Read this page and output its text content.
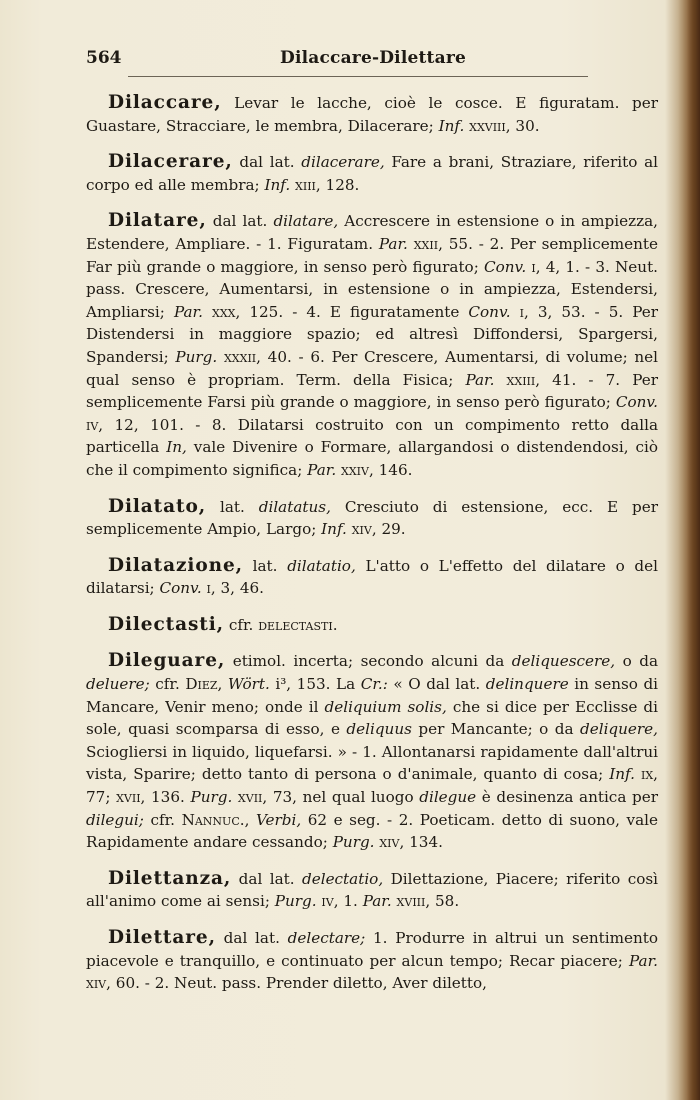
Dilaccare-Dilettare
564

Dilaccare, Levar le lacche, cioè le cosce. E figuratam. per Guastare, Stracciare, le membra, Dilacerare; Inf. xxviii, 30.

Dilacerare, dal lat. dilacerare, Fare a brani, Straziare, riferito al corpo ed alle membra; Inf. xiii, 128.

Dilatare, dal lat. dilatare, Accrescere in estensione o in ampiezza, Estendere, Ampliare. - 1. Figuratam. Par. xxii, 55. - 2. Per semplicemente Far più grande o maggiore, in senso però figurato; Conv. i, 4, 1. - 3. Neut. pass. Crescere, Aumentarsi, in estensione o in ampiezza, Estendersi, Ampliarsi; Par. xxx, 125. - 4. E figuratamente Conv. i, 3, 53. - 5. Per Distendersi in maggiore spazio; ed altresì Diffondersi, Spargersi, Spandersi; Purg. xxxii, 40. - 6. Per Crescere, Aumentarsi, di volume; nel qual senso è propriam. Term. della Fisica; Par. xxiii, 41. - 7. Per semplicemente Farsi più grande o maggiore, in senso però figurato; Conv. iv, 12, 101. - 8. Dilatarsi costruito con un compimento retto dalla particella In, vale Divenire o Formare, allargandosi o distendendosi, ciò che il compimento significa; Par. xxiv, 146.

Dilatato, lat. dilatatus, Cresciuto di estensione, ecc. E per semplicemente Ampio, Largo; Inf. xiv, 29.

Dilatazione, lat. dilatatio, L'atto o L'effetto del dilatare o del dilatarsi; Conv. i, 3, 46.

Dilectasti, cfr. delectasti.

Dileguare, etimol. incerta; secondo alcuni da deliquescere, o da deluere; cfr. Diez, Wört. i³, 153. La Cr.: « O dal lat. delinquere in senso di Mancare, Venir meno; onde il deliquium solis, che si dice per Ecclisse di sole, quasi scomparsa di esso, e deliquus per Mancante; o da deliquere, Sciogliersi in liquido, liquefarsi. » - 1. Allontanarsi rapidamente dall'altrui vista, Sparire; detto tanto di persona o d'animale, quanto di cosa; Inf. ix, 77; xvii, 136. Purg. xvii, 73, nel qual luogo dilegue è desinenza antica per dilegui; cfr. Nannuc., Verbi, 62 e seg. - 2. Poeticam. detto di suono, vale Rapidamente andare cessando; Purg. xiv, 134.

Dilettanza, dal lat. delectatio, Dilettazione, Piacere; riferito così all'animo come ai sensi; Purg. iv, 1. Par. xviii, 58.

Dilettare, dal lat. delectare; 1. Produrre in altrui un sentimento piacevole e tranquillo, e continuato per alcun tempo; Recar piacere; Par. xiv, 60. - 2. Neut. pass. Prender diletto, Aver diletto,
